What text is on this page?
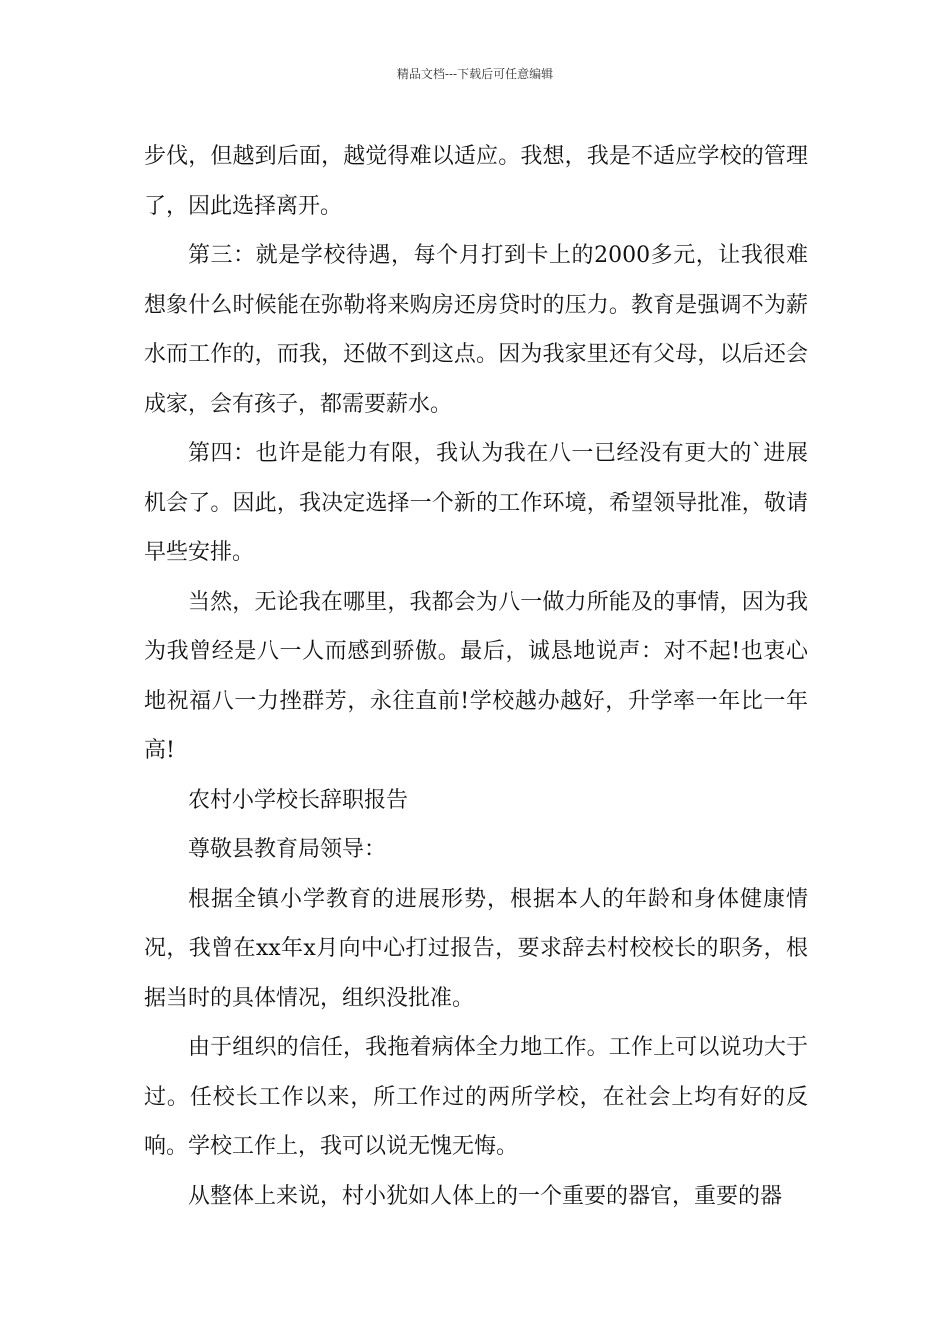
精品文档---下载后可任意编辑

步伐，但越到后面，越觉得难以适应。我想，我是不适应学校的管理了，因此选择离开。

第三：就是学校待遇，每个月打到卡上的2000多元，让我很难想象什么时候能在弥勒将来购房还房贷时的压力。教育是强调不为薪水而工作的，而我，还做不到这点。因为我家里还有父母，以后还会成家，会有孩子，都需要薪水。

第四：也许是能力有限，我认为我在八一已经没有更大的`进展机会了。因此，我决定选择一个新的工作环境，希望领导批准，敬请早些安排。

当然，无论我在哪里，我都会为八一做力所能及的事情，因为我为我曾经是八一人而感到骄傲。最后，诚恳地说声：对不起!也衷心地祝福八一力挫群芳，永往直前!学校越办越好，升学率一年比一年高!

农村小学校长辞职报告

尊敬县教育局领导：

根据全镇小学教育的进展形势，根据本人的年龄和身体健康情况，我曾在xx年x月向中心打过报告，要求辞去村校校长的职务，根据当时的具体情况，组织没批准。

由于组织的信任，我拖着病体全力地工作。工作上可以说功大于过。任校长工作以来，所工作过的两所学校，在社会上均有好的反响。学校工作上，我可以说无愧无悔。

从整体上来说，村小犹如人体上的一个重要的器官，重要的器
